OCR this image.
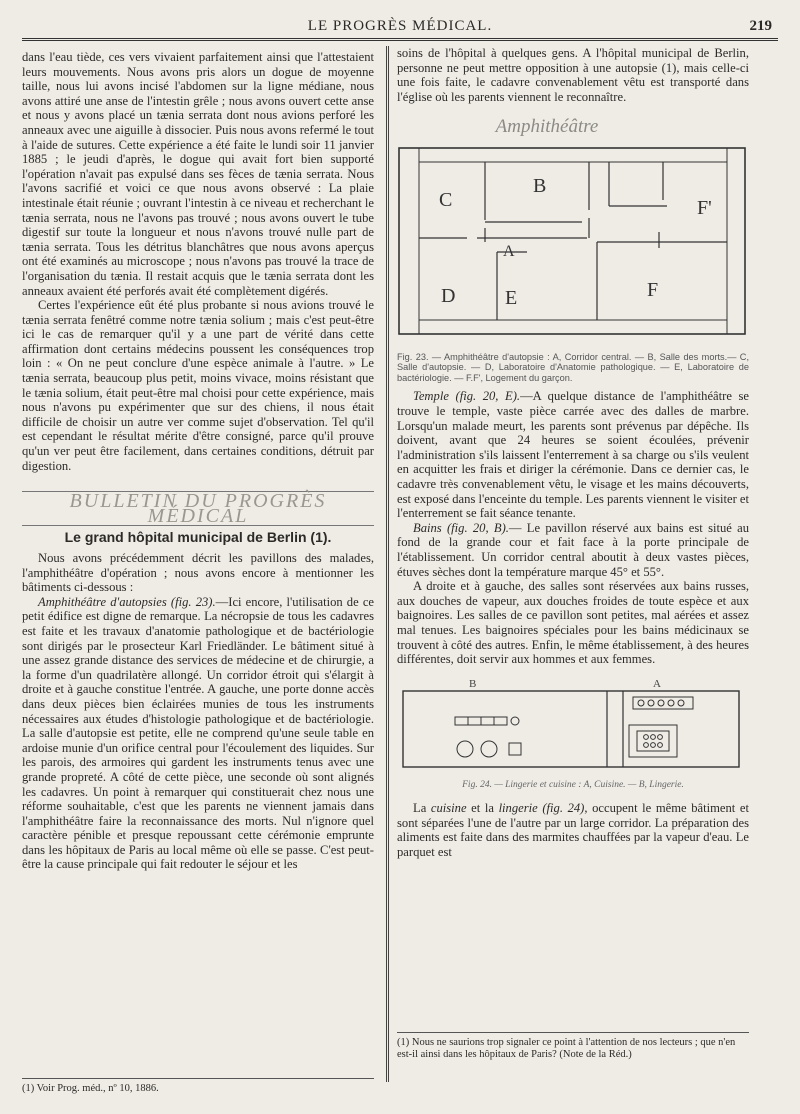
LE PROGRÈS MÉDICAL.	219

dans l'eau tiède, ces vers vivaient parfaitement ainsi que l'attestaient leurs mouvements. Nous avons pris alors un dogue de moyenne taille, nous lui avons incisé l'abdomen sur la ligne médiane, nous avons attiré une anse de l'intestin grêle ; nous avons ouvert cette anse et nous y avons placé un tænia serrata dont nous avions perforé les anneaux avec une aiguille à dissocier. Puis nous avons refermé le tout à l'aide de sutures. Cette expérience a été faite le lundi soir 11 janvier 1885 ; le jeudi d'après, le dogue qui avait fort bien supporté l'opération n'avait pas expulsé dans ses fèces de tænia serrata. Nous l'avons sacrifié et voici ce que nous avons observé : La plaie intestinale était réunie ; ouvrant l'intestin à ce niveau et recherchant le tænia serrata, nous ne l'avons pas trouvé ; nous avons ouvert le tube digestif sur toute la longueur et nous n'avons trouvé nulle part de tænia serrata. Tous les détritus blanchâtres que nous avons aperçus ont été examinés au microscope ; nous n'avons pas trouvé la trace de l'organisation du tænia. Il restait acquis que le tænia serrata dont les anneaux avaient été perforés avait été complètement digérés.

Certes l'expérience eût été plus probante si nous avions trouvé le tænia serrata fenêtré comme notre tænia solium ; mais c'est peut-être ici le cas de remarquer qu'il y a une part de vérité dans cette affirmation dont certains médecins poussent les conséquences trop loin : « On ne peut conclure d'une espèce animale à l'autre. » Le tænia serrata, beaucoup plus petit, moins vivace, moins résistant que le tænia solium, était peut-être mal choisi pour cette expérience, mais nous n'avons pu expérimenter que sur des chiens, il nous était difficile de choisir un autre ver comme sujet d'observation. Tel qu'il est cependant le résultat mérite d'être consigné, parce qu'il prouve qu'un ver peut être facilement, dans certaines conditions, détruit par digestion.

BULLETIN DU PROGRÈS MÉDICAL
Le grand hôpital municipal de Berlin (1).

Nous avons précédemment décrit les pavillons des malades, l'amphithéâtre d'opération ; nous avons encore à mentionner les bâtiments ci-dessous :

Amphithéâtre d'autopsies (fig. 23).—Ici encore, l'utilisation de ce petit édifice est digne de remarque. La nécropsie de tous les cadavres est faite et les travaux d'anatomie pathologique et de bactériologie sont dirigés par le prosecteur Karl Friedländer. Le bâtiment situé à une assez grande distance des services de médecine et de chirurgie, a la forme d'un quadrilatère allongé. Un corridor étroit qui s'élargit à droite et à gauche constitue l'entrée. A gauche, une porte donne accès dans deux pièces bien éclairées munies de tous les instruments nécessaires aux études d'histologie pathologique et de bactériologie. La salle d'autopsie est petite, elle ne comprend qu'une seule table en ardoise munie d'un orifice central pour l'écoulement des liquides. Sur les parois, des armoires qui gardent les instruments tenus avec une grande propreté. A côté de cette pièce, une seconde où sont alignés les cadavres. Un point à remarquer qui constituerait chez nous une réforme souhaitable, c'est que les parents ne viennent jamais dans l'amphithéâtre faire la reconnaissance des morts. Nul n'ignore quel caractère pénible et presque repoussant cette cérémonie emprunte dans les hôpitaux de Paris au local même où elle se passe. C'est peut-être la cause principale qui fait redouter le séjour et les

(1) Voir Prog. méd., nº 10, 1886.

soins de l'hôpital à quelques gens. A l'hôpital municipal de Berlin, personne ne peut mettre opposition à une autopsie (1), mais celle-ci une fois faite, le cadavre convenablement vêtu est transporté dans l'église où les parents viennent le reconnaître.

Amphithéâtre
C
B
F'
A
D E	F
Fig. 23. — Amphithéâtre d'autopsie : A, Corridor central. — B, Salle des morts.— C, Salle d'autopsie. — D, Laboratoire d'Anatomie pathologique. — E, Laboratoire de bactériologie. — F.F', Logement du garçon.

Temple (fig. 20, E).—A quelque distance de l'amphithéâtre se trouve le temple, vaste pièce carrée avec des dalles de marbre. Lorsqu'un malade meurt, les parents sont prévenus par dépêche. Ils doivent, avant que 24 heures se soient écoulées, prévenir l'administration s'ils laissent l'enterrement à sa charge ou s'ils veulent en acquitter les frais et diriger la cérémonie. Dans ce dernier cas, le cadavre très convenablement vêtu, le visage et les mains découverts, est exposé dans l'enceinte du temple. Les parents viennent le visiter et l'enterrement se fait séance tenante.

Bains (fig. 20, B).— Le pavillon réservé aux bains est situé au fond de la grande cour et fait face à la porte principale de l'établissement. Un corridor central aboutit à deux vastes pièces, étuves sèches dont la température marque 45° et 55°.

A droite et à gauche, des salles sont réservées aux bains russes, aux douches de vapeur, aux douches froides de toute espèce et aux baignoires. Les salles de ce pavillon sont petites, mal aérées et assez mal tenues. Les baignoires spéciales pour les bains médicinaux se trouvent à côté des autres. Enfin, le même établissement, à des heures différentes, doit servir aux hommes et aux femmes.

B	A
Fig. 24. — Lingerie et cuisine : A, Cuisine. — B, Lingerie.

La cuisine et la lingerie (fig. 24), occupent le même bâtiment et sont séparées l'une de l'autre par un large corridor. La préparation des aliments est faite dans des marmites chauffées par la vapeur d'eau. Le parquet est

(1) Nous ne saurions trop signaler ce point à l'attention de nos lecteurs ; que n'en est-il ainsi dans les hôpitaux de Paris? (Note de la Réd.)
